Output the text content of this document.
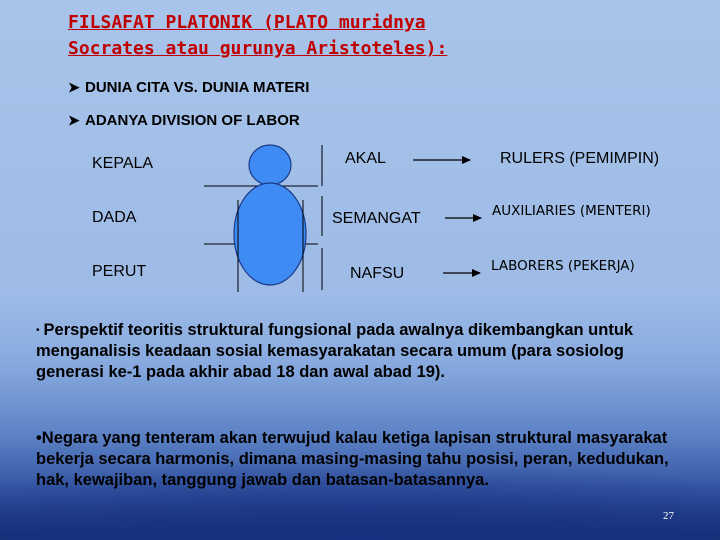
FILSAFAT PLATONIK (PLATO muridnya
Socrates atau gurunya Aristoteles):
➤ DUNIA CITA VS. DUNIA MATERI
➤ ADANYA DIVISION OF LABOR
KEPALA
DADA
PERUT
AKAL
SEMANGAT
NAFSU
RULERS (PEMIMPIN)
AUXILIARIES (MENTERI)
LABORERS (PEKERJA)
• Perspektif teoritis struktural fungsional pada awalnya dikembangkan untuk menganalisis keadaan sosial kemasyarakatan secara umum (para sosiolog generasi ke-1 pada akhir abad 18 dan awal abad 19).
•Negara yang tenteram akan terwujud kalau ketiga lapisan struktural masyarakat bekerja secara harmonis, dimana masing-masing tahu posisi, peran, kedudukan, hak, kewajiban, tanggung jawab dan batasan-batasannya.
27
